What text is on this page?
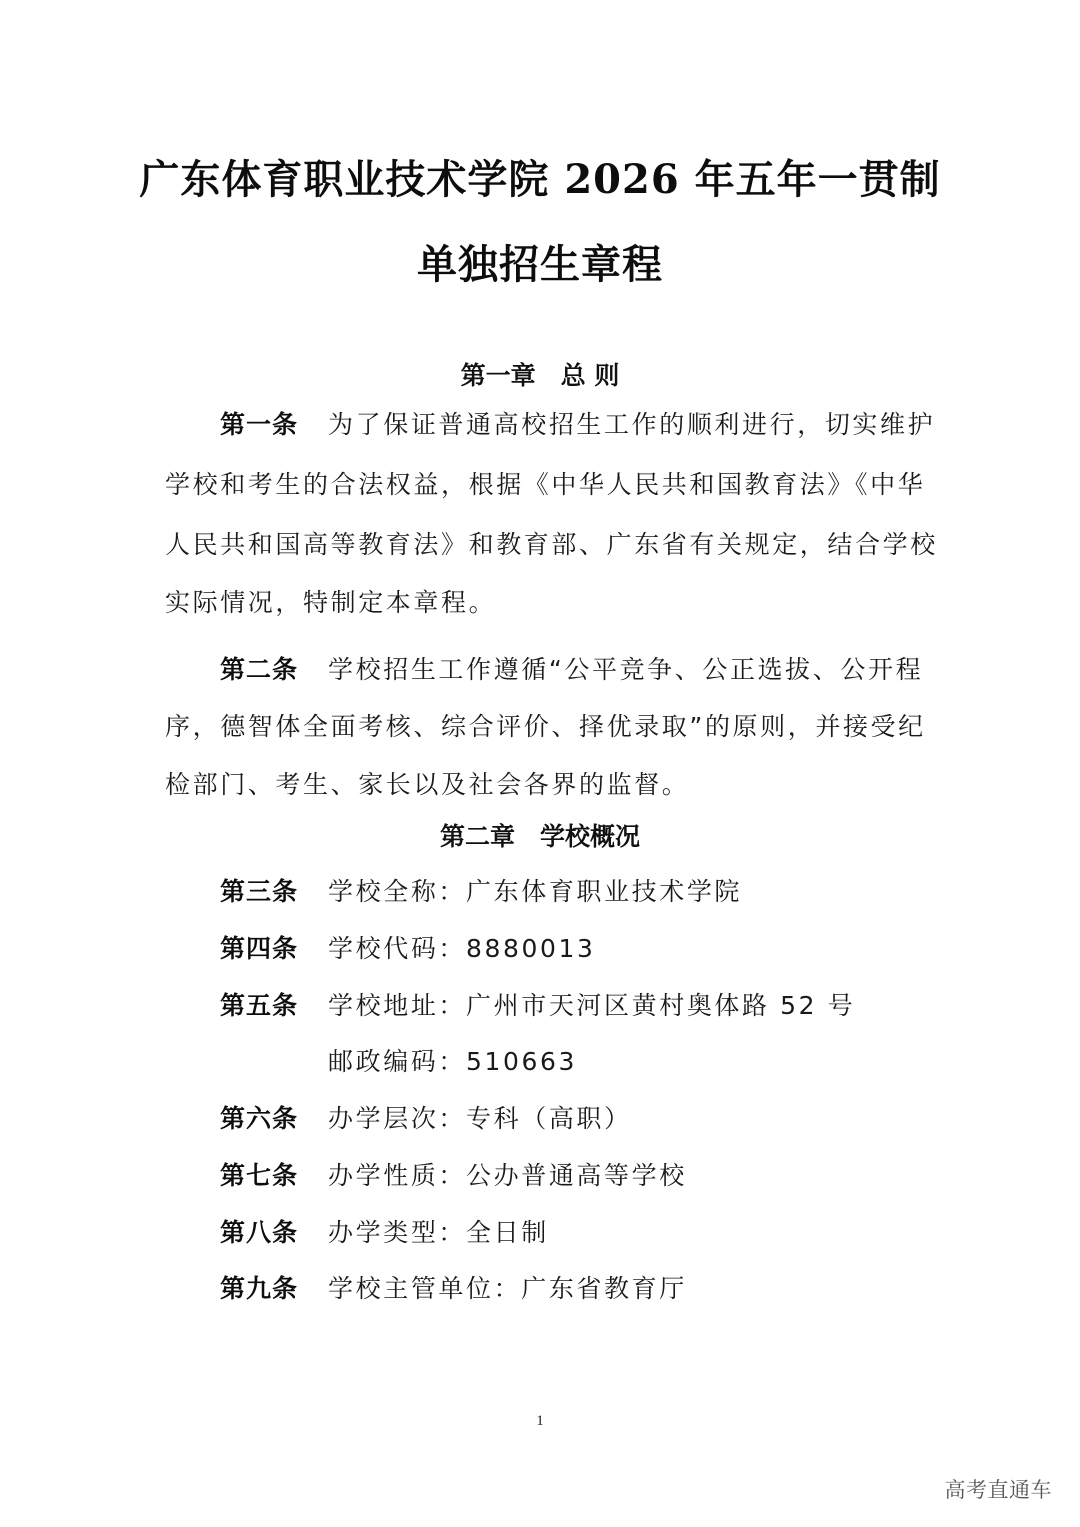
广东体育职业技术学院 2026 年五年一贯制
单独招生章程
第一章　总 则
第一条 为了保证普通高校招生工作的顺利进行，切实维护
学校和考生的合法权益，根据《中华人民共和国教育法》《中华
人民共和国高等教育法》和教育部、广东省有关规定，结合学校
实际情况，特制定本章程。
第二条 学校招生工作遵循“公平竞争、公正选拔、公开程
序，德智体全面考核、综合评价、择优录取”的原则，并接受纪
检部门、考生、家长以及社会各界的监督。
第二章　学校概况
第三条 学校全称：广东体育职业技术学院
第四条 学校代码：8880013
第五条 学校地址：广州市天河区黄村奥体路 52 号
邮政编码：510663
第六条 办学层次：专科（高职）
第七条 办学性质：公办普通高等学校
第八条 办学类型：全日制
第九条 学校主管单位：广东省教育厅
1
高考直通车
